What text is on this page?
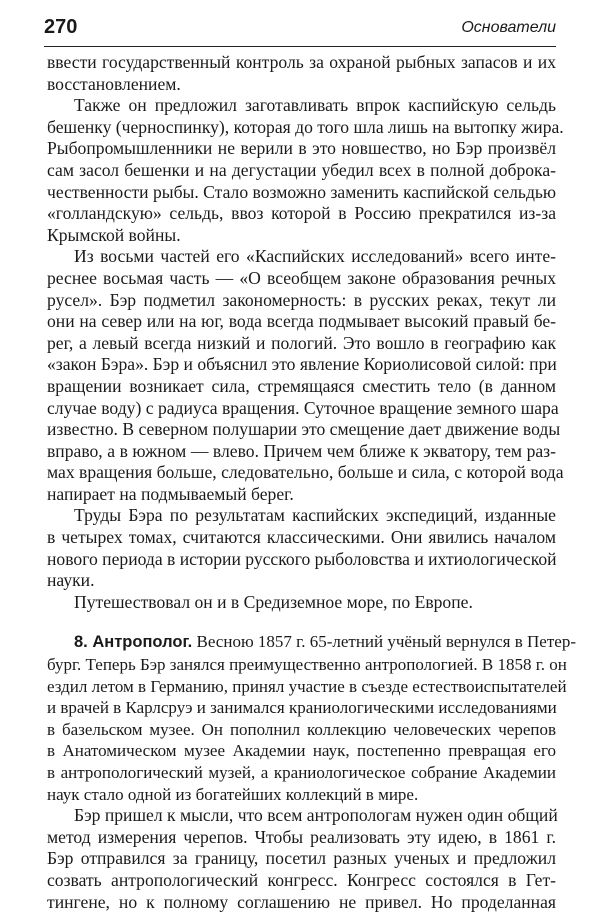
270	Основатели

ввести государственный контроль за охраной рыбных запасов и их
восстановлением.

Также он предложил заготавливать впрок каспийскую сельдь
бешенку (черноспинку), которая до того шла лишь на вытопку жира.
Рыбопромышленники не верили в это новшество, но Бэр произвёл
сам засол бешенки и на дегустации убедил всех в полной доброка-
чественности рыбы. Стало возможно заменить каспийской сельдью
«голландскую» сельдь, ввоз которой в Россию прекратился из-за
Крымской войны.

Из восьми частей его «Каспийских исследований» всего инте-
реснее восьмая часть — «О всеобщем законе образования речных
русел». Бэр подметил закономерность: в русских реках, текут ли
они на север или на юг, вода всегда подмывает высокий правый бе-
рег, а левый всегда низкий и пологий. Это вошло в географию как
«закон Бэра». Бэр и объяснил это явление Кориолисовой силой: при
вращении возникает сила, стремящаяся сместить тело (в данном
случае воду) с радиуса вращения. Суточное вращение земного шара
известно. В северном полушарии это смещение дает движение воды
вправо, а в южном — влево. Причем чем ближе к экватору, тем раз-
мах вращения больше, следовательно, больше и сила, с которой вода
напирает на подмываемый берег.

Труды Бэра по результатам каспийских экспедиций, изданные
в четырех томах, считаются классическими. Они явились началом
нового периода в истории русского рыболовства и ихтиологической
науки.

Путешествовал он и в Средиземное море, по Европе.

8. Антрополог. Весною 1857 г. 65-летний учёный вернулся в Петер-
бург. Теперь Бэр занялся преимущественно антропологией. В 1858 г. он
ездил летом в Германию, принял участие в съезде естествоиспытателей
и врачей в Карлсруэ и занимался краниологическими исследованиями
в базельском музее. Он пополнил коллекцию человеческих черепов
в Анатомическом музее Академии наук, постепенно превращая его
в антропологический музей, а краниологическое собрание Академии
наук стало одной из богатейших коллекций в мире.

Бэр пришел к мысли, что всем антропологам нужен один общий
метод измерения черепов. Чтобы реализовать эту идею, в 1861 г.
Бэр отправился за границу, посетил разных ученых и предложил
созвать антропологический конгресс. Конгресс состоялся в Гет-
тингене, но к полному соглашению не привел. Но проделанная
